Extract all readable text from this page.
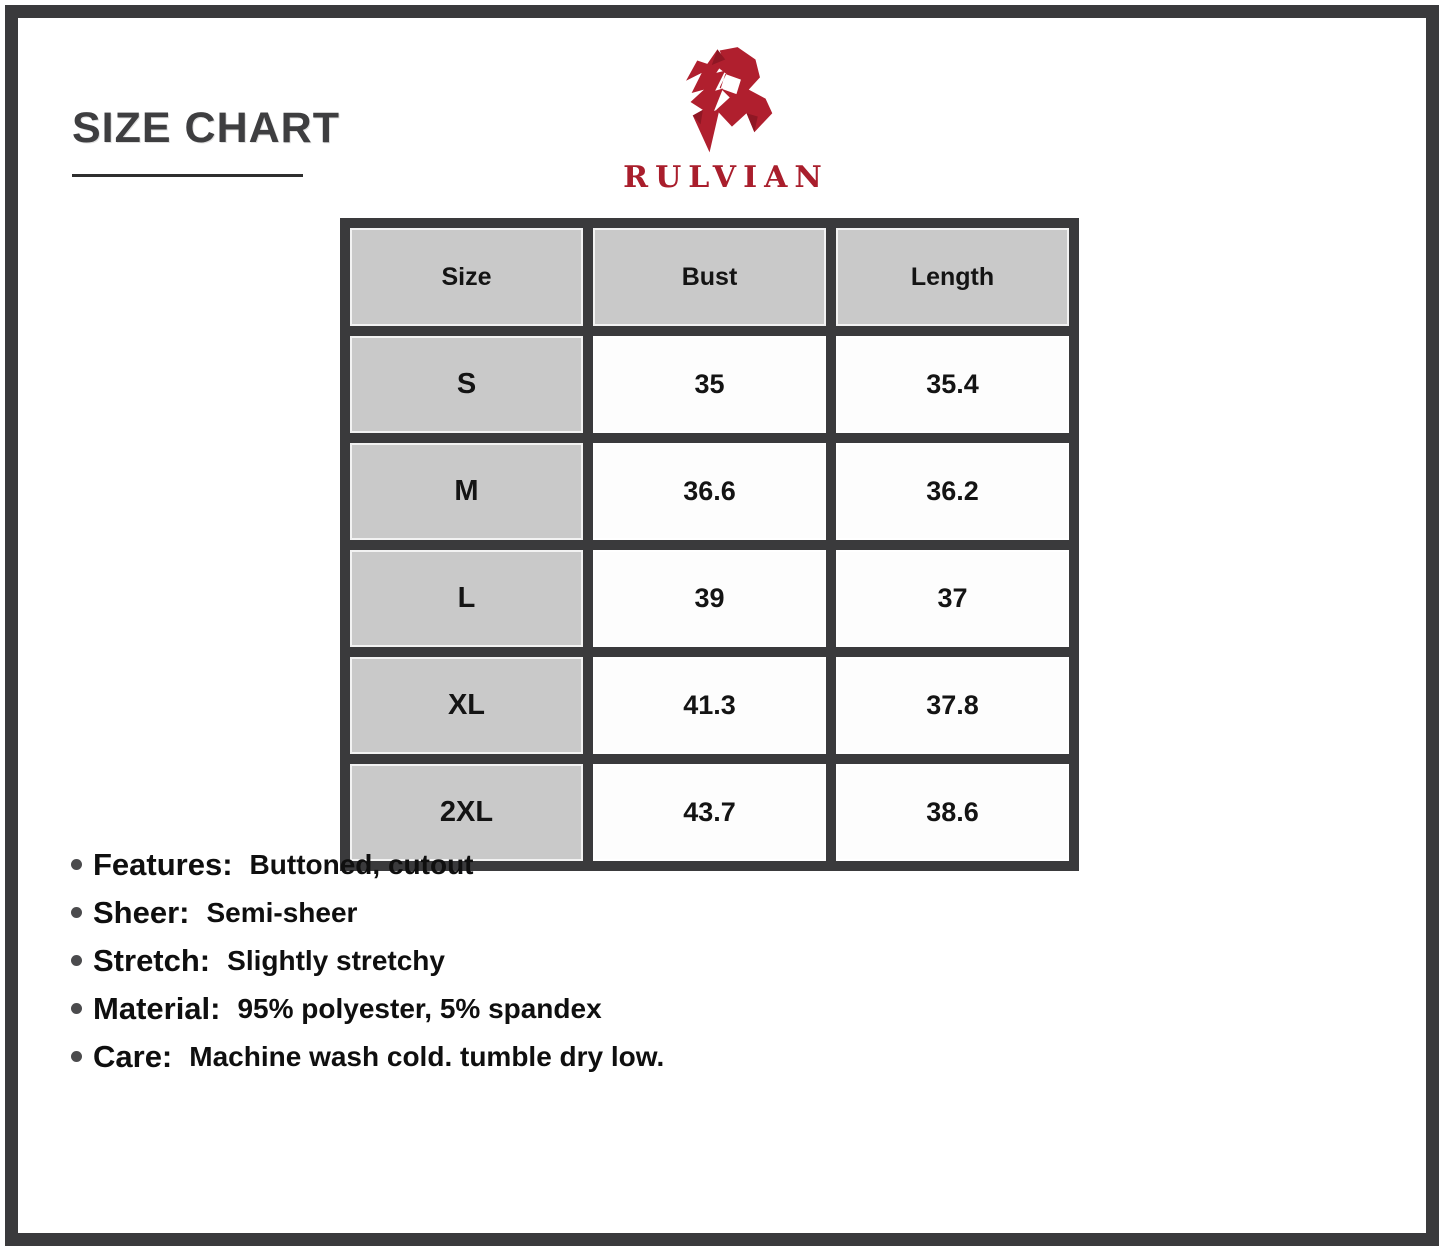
SIZE CHART
RULVIAN
Size	Bust	Length
S	35	35.4
M	36.6	36.2
L	39	37
XL	41.3	37.8
2XL	43.7	38.6
Features: Buttoned, cutout
Sheer: Semi-sheer
Stretch: Slightly stretchy
Material: 95% polyester, 5% spandex
Care: Machine wash cold. tumble dry low.
